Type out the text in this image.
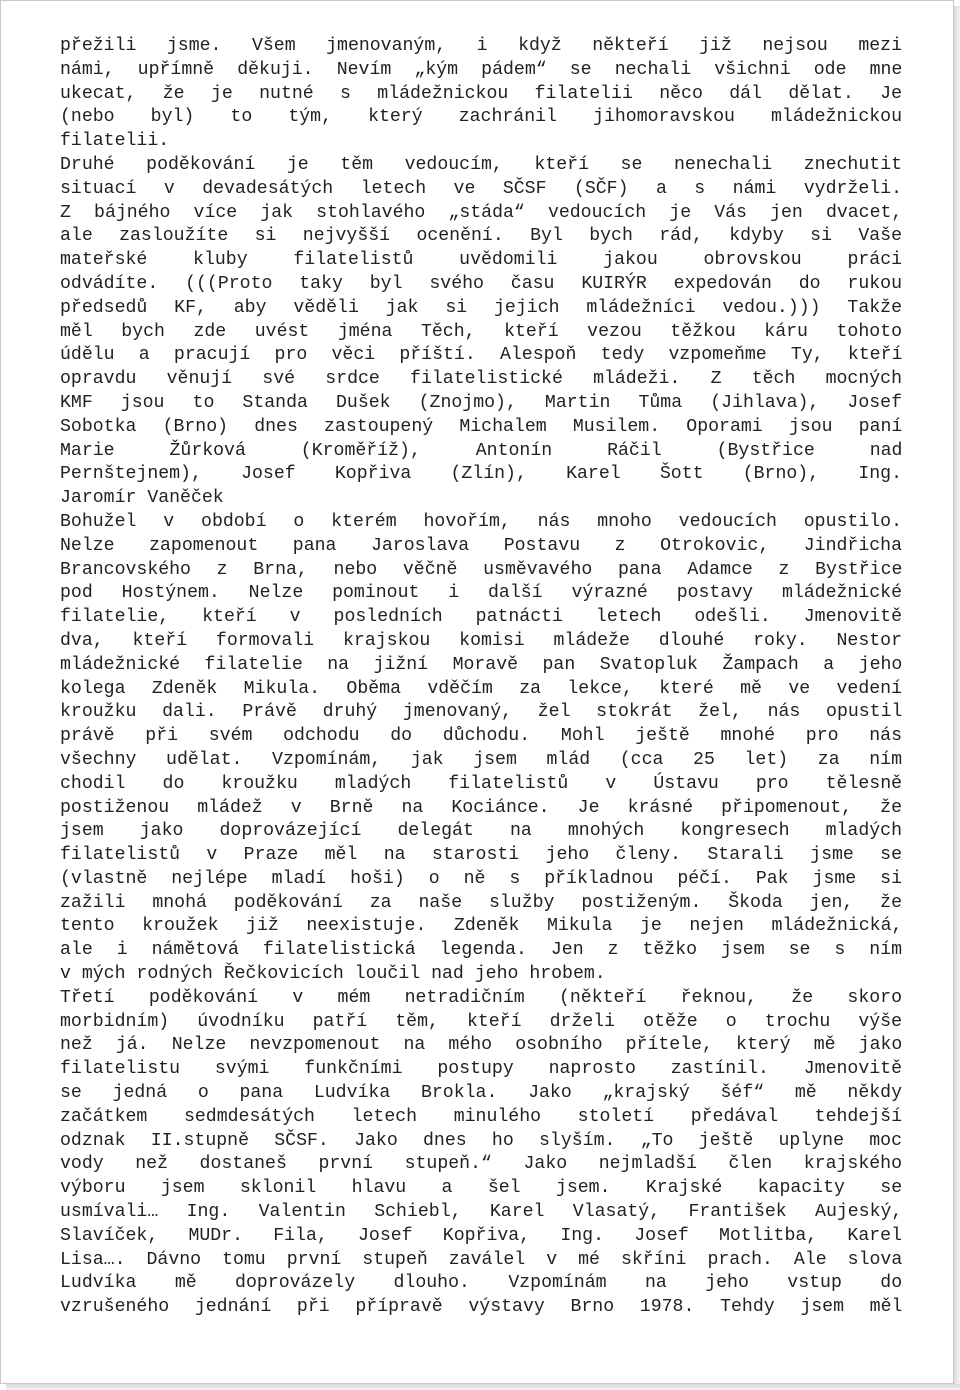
přežili jsme. Všem jmenovaným, i když někteří již nejsou mezi
námi, upřímně děkuji. Nevím „kým pádem“ se nechali všichni ode mne
ukecat, že je nutné s mládežnickou filatelii něco dál dělat. Je
(nebo byl) to tým, který zachránil jihomoravskou mládežnickou
filatelii.
Druhé poděkování je těm vedoucím, kteří se nenechali znechutit
situací v devadesátých letech ve SČSF (SČF) a s námi vydrželi.
Z bájného více jak stohlavého „stáda“ vedoucích je Vás jen dvacet,
ale zasloužíte si nejvyšší ocenění. Byl bych rád, kdyby si Vaše
mateřské kluby filatelistů uvědomili jakou obrovskou práci
odvádíte. (((Proto taky byl svého času KUIRÝR expedován do rukou
předsedů KF, aby věděli jak si jejich mládežníci vedou.))) Takže
měl bych zde uvést jména Těch, kteří vezou těžkou káru tohoto
údělu a pracují pro věci příští. Alespoň tedy vzpomeňme Ty, kteří
opravdu věnují své srdce filatelistické mládeži. Z těch mocných
KMF jsou to Standa Dušek (Znojmo), Martin Tůma (Jihlava), Josef
Sobotka (Brno) dnes zastoupený Michalem Musilem. Oporami jsou paní
Marie Žůrková (Kroměříž), Antonín Ráčil (Bystřice nad
Pernštejnem), Josef Kopřiva (Zlín), Karel Šott (Brno), Ing.
Jaromír Vaněček
Bohužel v období o kterém hovořím, nás mnoho vedoucích opustilo.
Nelze zapomenout pana Jaroslava Postavu z Otrokovic, Jindřicha
Brancovského z Brna, nebo věčně usměvavého pana Adamce z Bystřice
pod Hostýnem. Nelze pominout i další výrazné postavy mládežnické
filatelie, kteří v posledních patnácti letech odešli. Jmenovitě
dva, kteří formovali krajskou komisi mládeže dlouhé roky. Nestor
mládežnické filatelie na jižní Moravě pan Svatopluk Žampach a jeho
kolega Zdeněk Mikula. Oběma vděčím za lekce, které mě ve vedení
kroužku dali. Právě druhý jmenovaný, žel stokrát žel, nás opustil
právě při svém odchodu do důchodu. Mohl ještě mnohé pro nás
všechny udělat. Vzpomínám, jak jsem mlád (cca 25 let) za ním
chodil do kroužku mladých filatelistů v Ústavu pro tělesně
postiženou mládež v Brně na Kociánce. Je krásné připomenout, že
jsem jako doprovázející delegát na mnohých kongresech mladých
filatelistů v Praze měl na starosti jeho členy. Starali jsme se
(vlastně nejlépe mladí hoši) o ně s příkladnou péčí. Pak jsme si
zažili mnohá poděkování za naše služby postiženým. Škoda jen, že
tento kroužek již neexistuje. Zdeněk Mikula je nejen mládežnická,
ale i námětová filatelistická legenda. Jen z těžko jsem se s ním
v mých rodných Řečkovicích loučil nad jeho hrobem.
Třetí poděkování v mém netradičním (někteří řeknou, že skoro
morbidním) úvodníku patří těm, kteří drželi otěže o trochu výše
než já. Nelze nevzpomenout na mého osobního přítele, který mě jako
filatelistu svými funkčními postupy naprosto zastínil. Jmenovitě
se jedná o pana Ludvíka Brokla. Jako „krajský šéf“ mě někdy
začátkem sedmdesátých letech minulého století předával tehdejší
odznak II.stupně SČSF. Jako dnes ho slyším. „To ještě uplyne moc
vody než dostaneš první stupeň.“ Jako nejmladší člen krajského
výboru jsem sklonil hlavu a šel jsem. Krajské kapacity se
usmívali… Ing. Valentin Schiebl, Karel Vlasatý, František Aujeský,
Slavíček, MUDr. Fila, Josef Kopřiva, Ing. Josef Motlitba, Karel
Lisa…. Dávno tomu první stupeň zaválel v mé skříni prach. Ale slova
Ludvíka mě doprovázely dlouho. Vzpomínám na jeho vstup do
vzrušeného jednání při přípravě výstavy Brno 1978. Tehdy jsem měl
